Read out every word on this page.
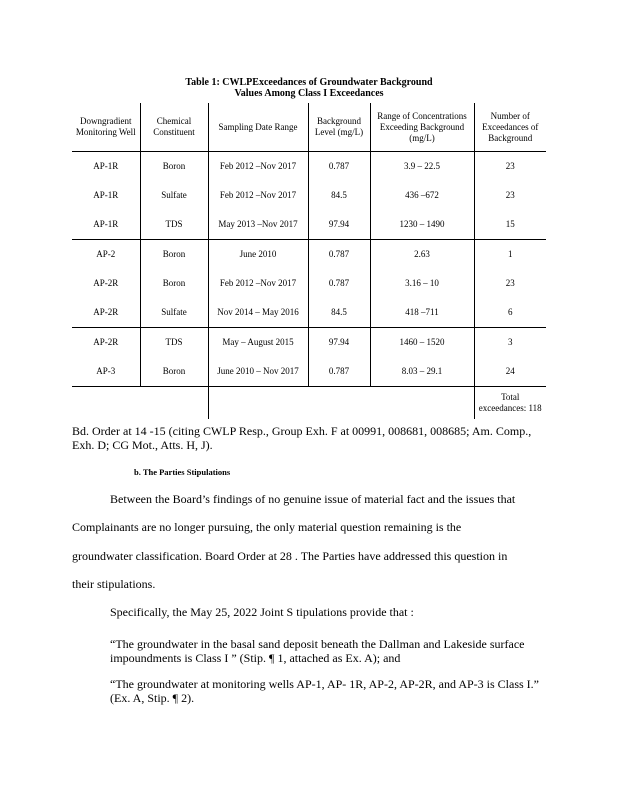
Table 1: CWLPExceedances of Groundwater Background
Values Among Class I Exceedances
Downgradient Monitoring Well	Chemical Constituent	Sampling Date Range	Background Level (mg/L)	Range of Concentrations Exceeding Background (mg/L)	Number of Exceedances of Background
AP-1R	Boron	Feb 2012 –Nov 2017	0.787	3.9 – 22.5	23
AP-1R	Sulfate	Feb 2012 –Nov 2017	84.5	436 –672	23
AP-1R	TDS	May 2013 –Nov 2017	97.94	1230 – 1490	15
AP-2	Boron	June 2010	0.787	2.63	1
AP-2R	Boron	Feb 2012 –Nov 2017	0.787	3.16 – 10	23
AP-2R	Sulfate	Nov 2014 – May 2016	84.5	418 –711	6
AP-2R	TDS	May – August 2015	97.94	1460 – 1520	3
AP-3	Boron	June 2010 – Nov 2017	0.787	8.03 – 29.1	24
					Total exceedances: 118
Bd. Order at 14 -15 (citing CWLP Resp., Group Exh. F at 00991, 008681, 008685; Am. Comp., Exh. D; CG Mot., Atts. H, J).
b. The Parties Stipulations
Between the Board’s findings of no genuine issue of material fact and the issues that
Complainants are no longer pursuing, the only material question remaining is the
groundwater classification. Board Order at 28 . The Parties have addressed this question in
their stipulations.
Specifically, the May 25, 2022 Joint S tipulations provide that :
“The groundwater in the basal sand deposit beneath the Dallman and Lakeside surface impoundments is Class I ” (Stip. ¶ 1, attached as Ex. A); and
“The groundwater at monitoring wells AP-1, AP- 1R, AP-2, AP-2R, and AP-3 is Class I.” (Ex. A, Stip. ¶ 2).
